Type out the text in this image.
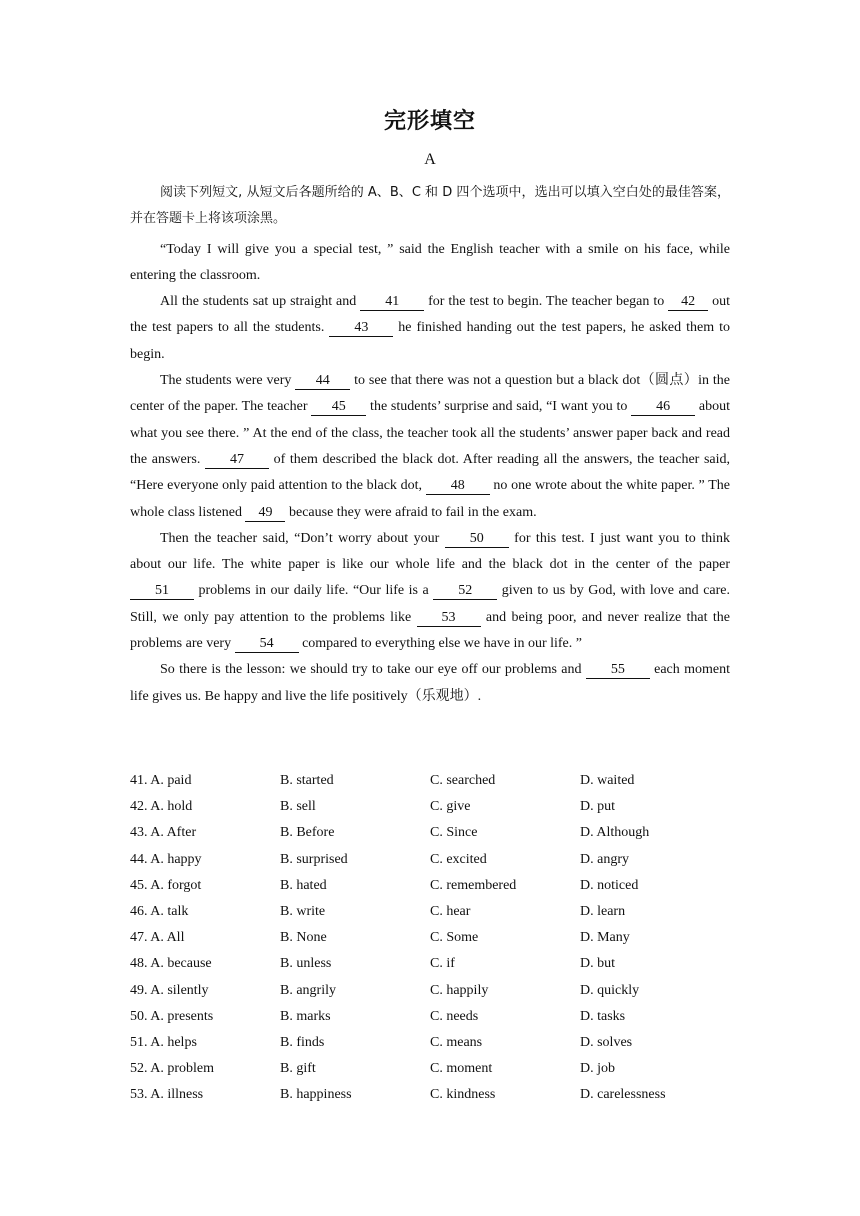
完形填空
A

阅读下列短文, 从短文后各题所给的 A、B、C 和 D 四个选项中，选出可以填入空白处的最佳答案， 并在答题卡上将该项涂黑。

“Today I will give you a special test, ” said the English teacher with a smile on his face, while entering the classroom.

All the students sat up straight and 41 for the test to begin. The teacher began to 42 out the test papers to all the students. 43 he finished handing out the test papers, he asked them to begin.

The students were very 44 to see that there was not a question but a black dot（圆点）in the center of the paper. The teacher 45 the students’ surprise and said, “I want you to 46 about what you see there. ” At the end of the class, the teacher took all the students’ answer paper back and read the answers. 47 of them described the black dot. After reading all the answers, the teacher said, “Here everyone only paid attention to the black dot, 48 no one wrote about the white paper. ” The whole class listened 49 because they were afraid to fail in the exam.

Then the teacher said, “Don’t worry about your 50 for this test. I just want you to think about our life. The white paper is like our whole life and the black dot in the center of the paper 51 problems in our daily life. “Our life is a 52 given to us by God, with love and care. Still, we only pay attention to the problems like 53 and being poor, and never realize that the problems are very 54 compared to everything else we have in our life. ”

So there is the lesson: we should try to take our eye off our problems and 55 each moment life gives us. Be happy and live the life positively（乐观地）.

41. A. paid	B. started	C. searched	D. waited
42. A. hold	B. sell	C. give	D. put
43. A. After	B. Before	C. Since	D. Although
44. A. happy	B. surprised	C. excited	D. angry
45. A. forgot	B. hated	C. remembered	D. noticed
46. A. talk	B. write	C. hear	D. learn
47. A. All	B. None	C. Some	D. Many
48. A. because	B. unless	C. if	D. but
49. A. silently	B. angrily	C. happily	D. quickly
50. A. presents	B. marks	C. needs	D. tasks
51. A. helps	B. finds	C. means	D. solves
52. A. problem	B. gift	C. moment	D. job
53. A. illness	B. happiness	C. kindness	D. carelessness
